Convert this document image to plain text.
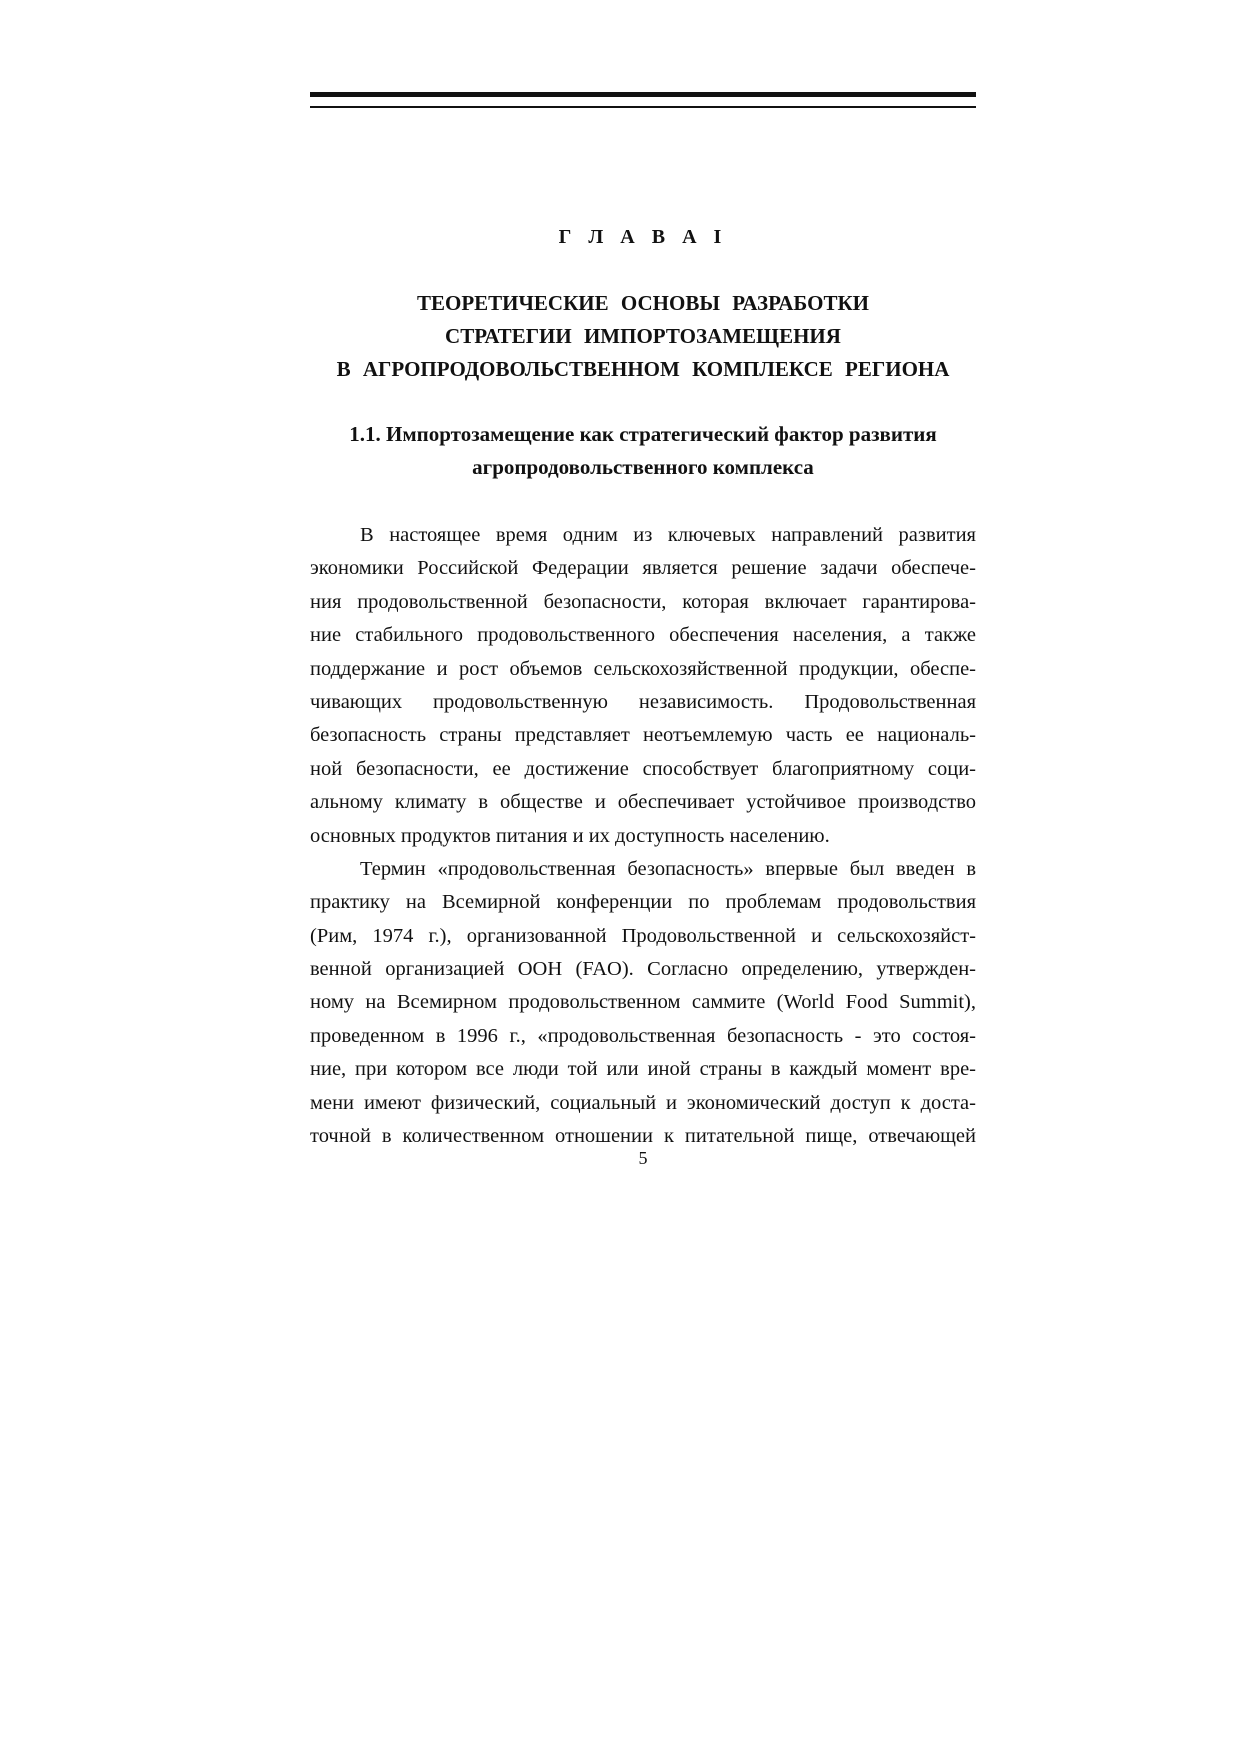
Г Л А В А I
ТЕОРЕТИЧЕСКИЕ ОСНОВЫ РАЗРАБОТКИ
СТРАТЕГИИ ИМПОРТОЗАМЕЩЕНИЯ
В АГРОПРОДОВОЛЬСТВЕННОМ КОМПЛЕКСЕ РЕГИОНА
1.1. Импортозамещение как стратегический фактор развития
агропродовольственного комплекса
В настоящее время одним из ключевых направлений развития
экономики Российской Федерации является решение задачи обеспече-
ния продовольственной безопасности, которая включает гарантирова-
ние стабильного продовольственного обеспечения населения, а также
поддержание и рост объемов сельскохозяйственной продукции, обеспе-
чивающих продовольственную независимость. Продовольственная
безопасность страны представляет неотъемлемую часть ее националь-
ной безопасности, ее достижение способствует благоприятному соци-
альному климату в обществе и обеспечивает устойчивое производство
основных продуктов питания и их доступность населению.
Термин «продовольственная безопасность» впервые был введен в
практику на Всемирной конференции по проблемам продовольствия
(Рим, 1974 г.), организованной Продовольственной и сельскохозяйст-
венной организацией ООН (FAO). Согласно определению, утвержден-
ному на Всемирном продовольственном саммите (World Food Summit),
проведенном в 1996 г., «продовольственная безопасность - это состоя-
ние, при котором все люди той или иной страны в каждый момент вре-
мени имеют физический, социальный и экономический доступ к доста-
точной в количественном отношении к питательной пище, отвечающей

5
